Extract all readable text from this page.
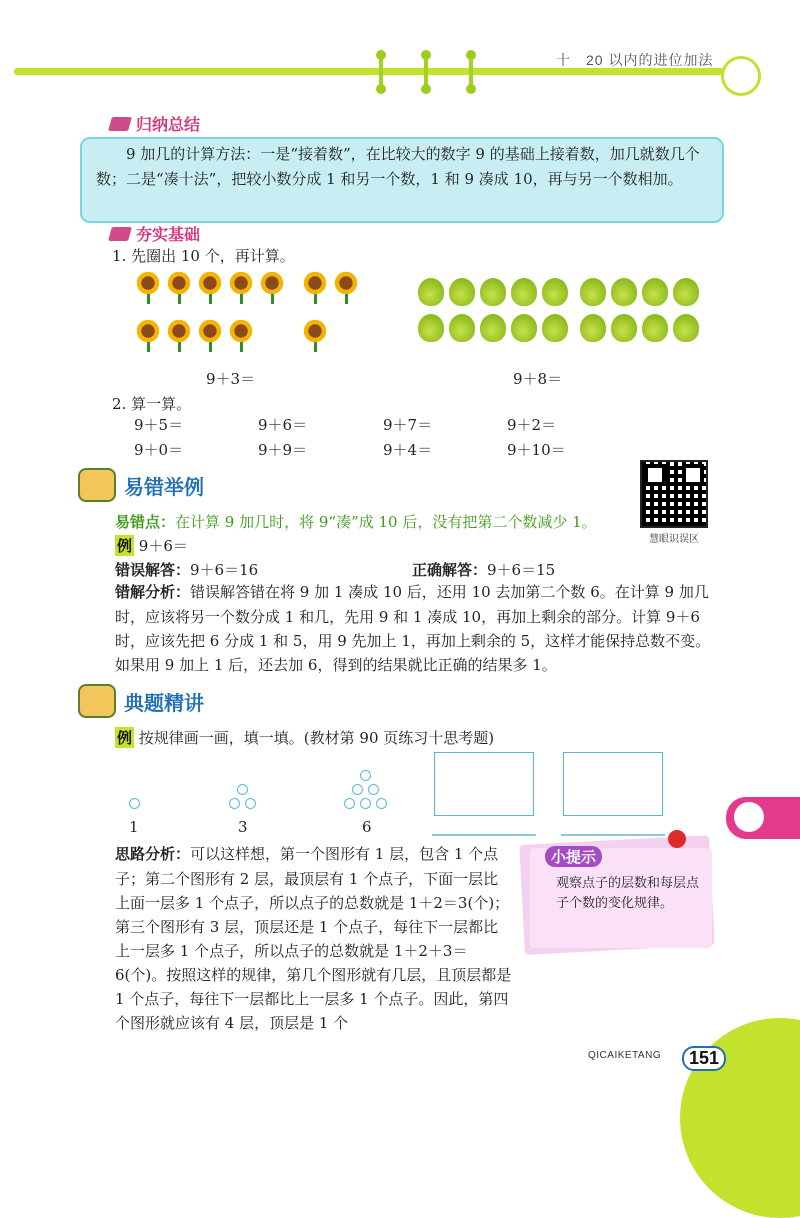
十　20 以内的进位加法
归纳总结
9 加几的计算方法：一是“接着数”，在比较大的数字 9 的基础上接着数，加几就数几个数；二是“凑十法”，把较小数分成 1 和另一个数，1 和 9 凑成 10，再与另一个数相加。
夯实基础
1. 先圈出 10 个，再计算。
9＋3＝	9＋8＝
2. 算一算。
9＋5＝	9＋6＝	9＋7＝	9＋2＝
9＋0＝	9＋9＝	9＋4＝	9＋10＝
易错举例
慧眼识误区
易错点：在计算 9 加几时，将 9“凑”成 10 后，没有把第二个数减少 1。
例 9＋6＝
错误解答：9＋6＝16	正确解答：9＋6＝15
错解分析：错误解答错在将 9 加 1 凑成 10 后，还用 10 去加第二个数 6。在计算 9 加几时，应该将另一个数分成 1 和几，先用 9 和 1 凑成 10，再加上剩余的部分。计算 9＋6 时，应该先把 6 分成 1 和 5，用 9 先加上 1，再加上剩余的 5，这样才能保持总数不变。如果用 9 加上 1 后，还去加 6，得到的结果就比正确的结果多 1。
典题精讲
例 按规律画一画，填一填。(教材第 90 页练习十思考题)
1	3	6
小提示
观察点子的层数和每层点子个数的变化规律。
思路分析：可以这样想，第一个图形有 1 层，包含 1 个点子；第二个图形有 2 层，最顶层有 1 个点子，下面一层比上面一层多 1 个点子，所以点子的总数就是 1＋2＝3(个)；第三个图形有 3 层，顶层还是 1 个点子，每往下一层都比上一层多 1 个点子，所以点子的总数就是 1＋2＋3＝6(个)。按照这样的规律，第几个图形就有几层，且顶层都是 1 个点子，每往下一层都比上一层多 1 个点子。因此，第四个图形就应该有 4 层，顶层是 1 个
QICAIKETANG	151
